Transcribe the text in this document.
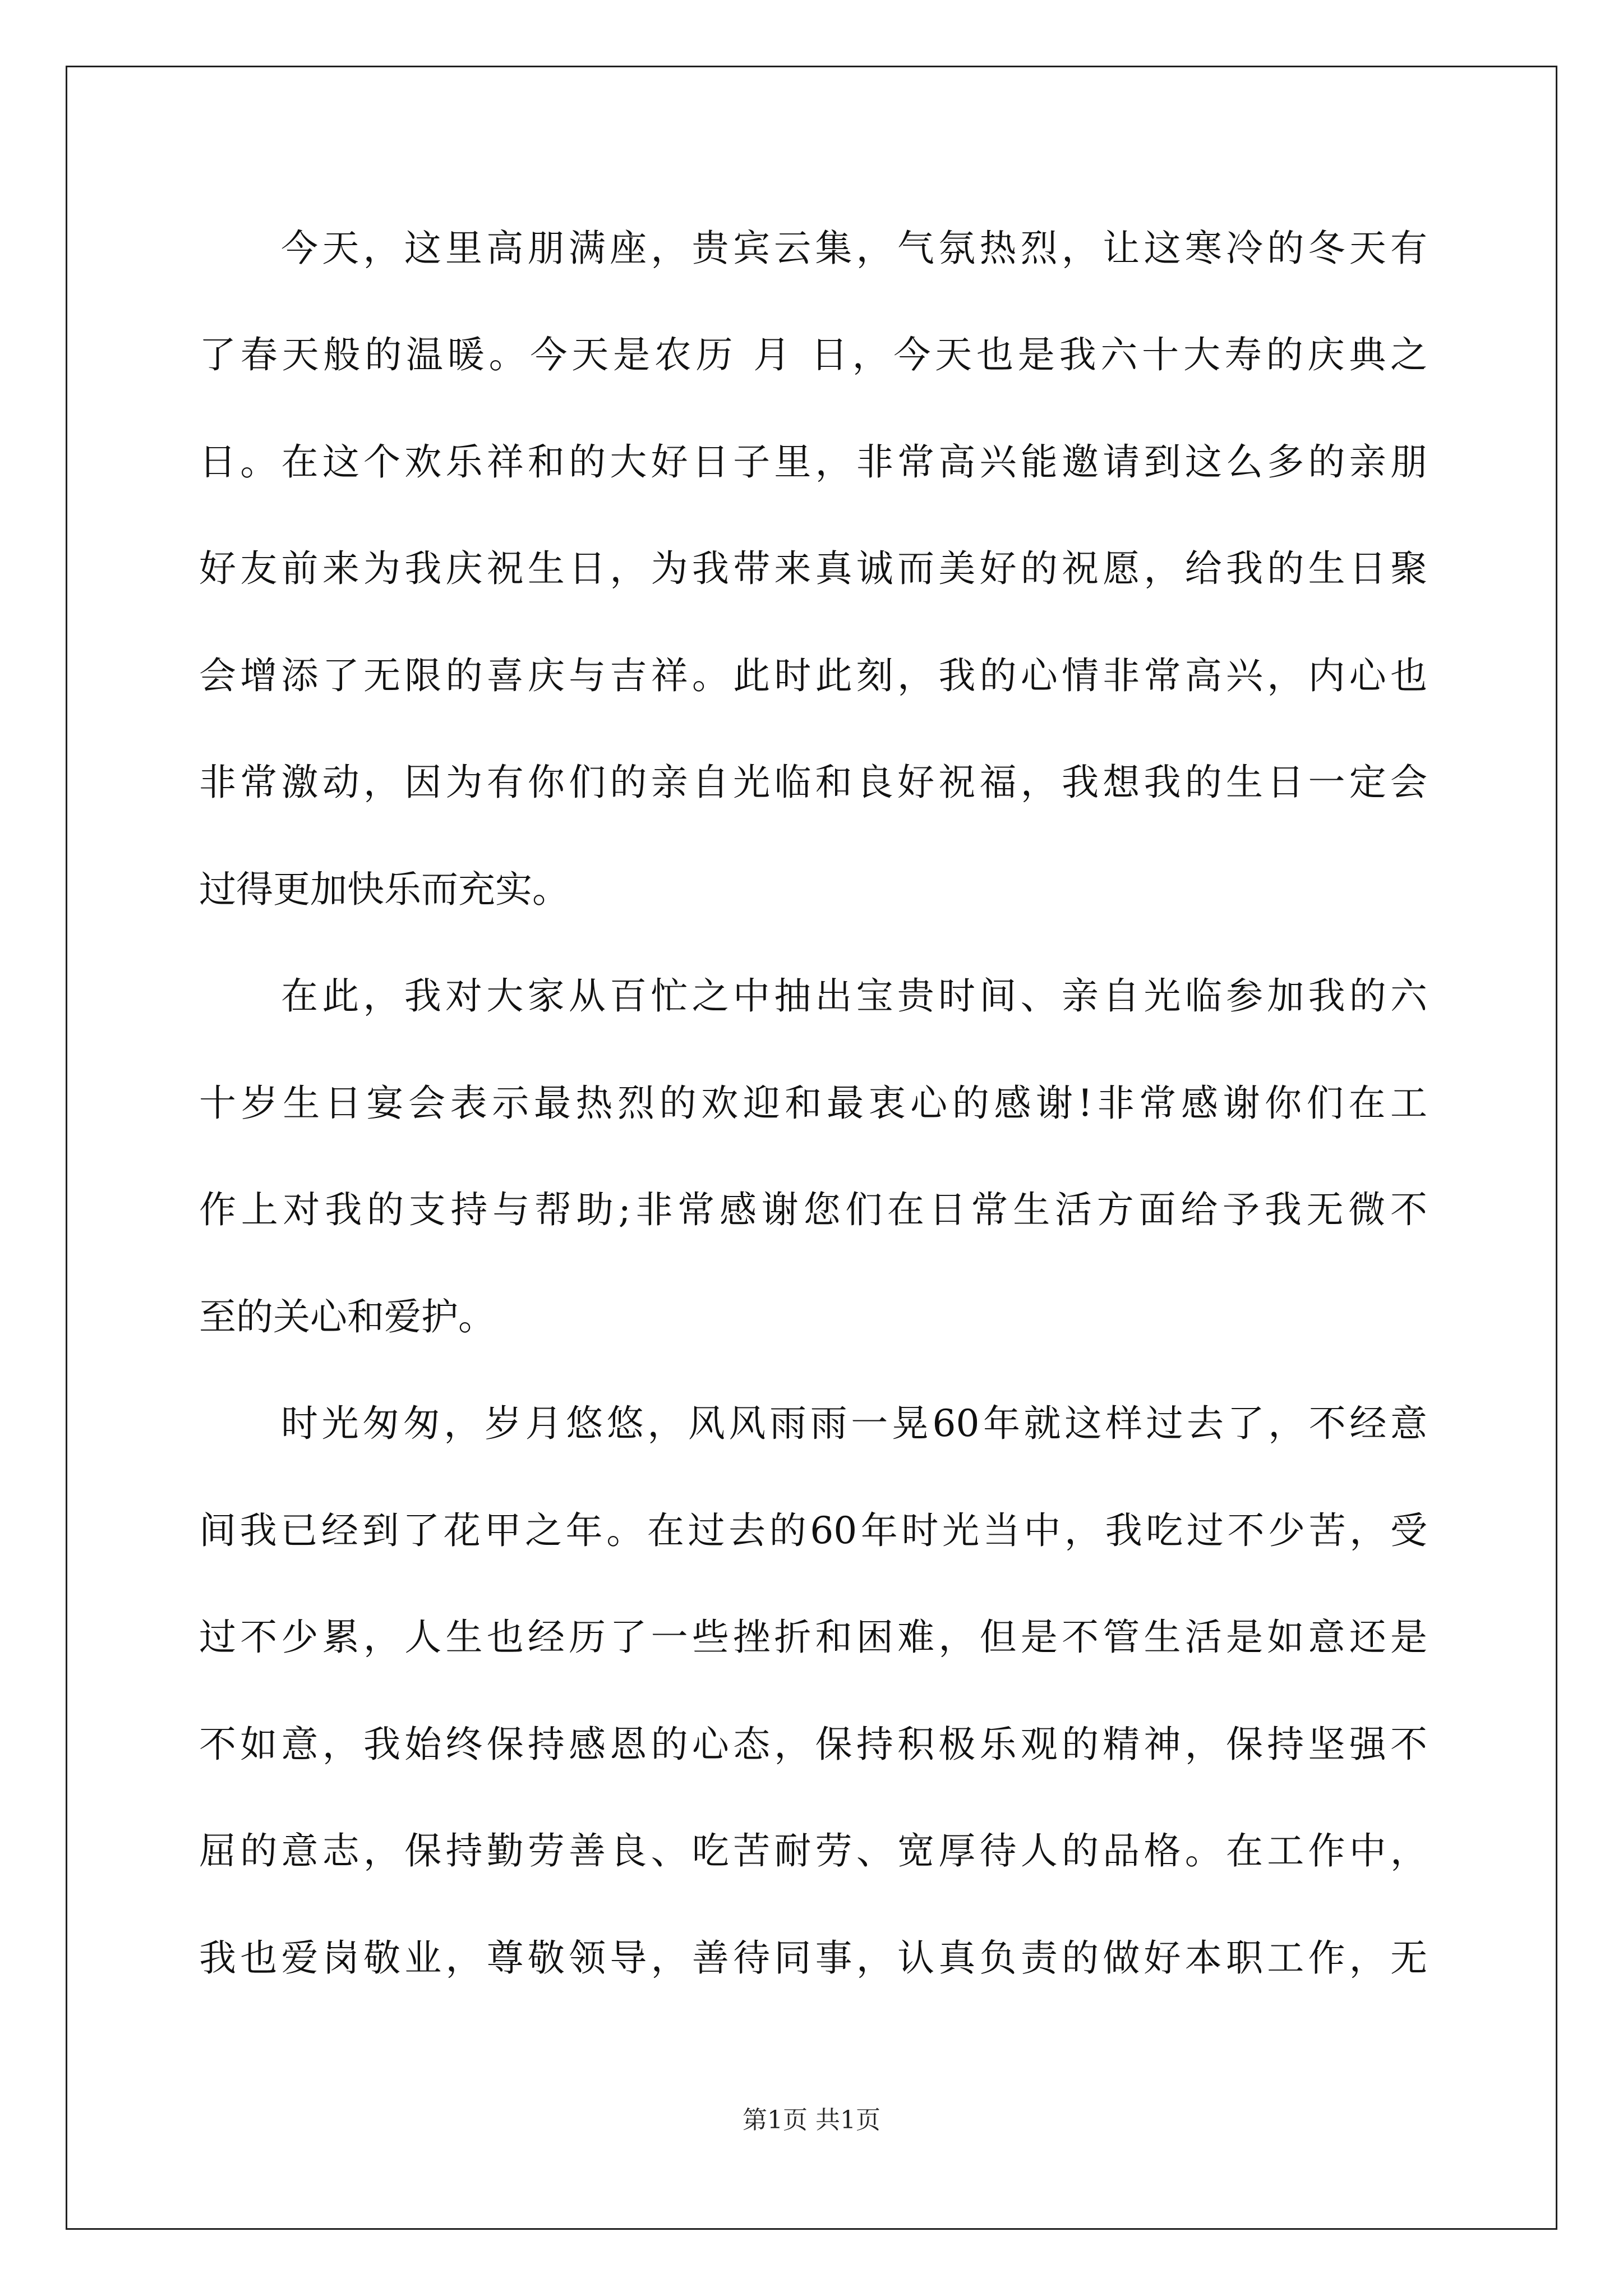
今天，这里高朋满座，贵宾云集，气氛热烈，让这寒冷的冬天有
了春天般的温暖。今天是农历 月 日，今天也是我六十大寿的庆典之
日。在这个欢乐祥和的大好日子里，非常高兴能邀请到这么多的亲朋
好友前来为我庆祝生日，为我带来真诚而美好的祝愿，给我的生日聚
会增添了无限的喜庆与吉祥。此时此刻，我的心情非常高兴，内心也
非常激动，因为有你们的亲自光临和良好祝福，我想我的生日一定会
过得更加快乐而充实。
在此，我对大家从百忙之中抽出宝贵时间、亲自光临参加我的六
十岁生日宴会表示最热烈的欢迎和最衷心的感谢!非常感谢你们在工
作上对我的支持与帮助;非常感谢您们在日常生活方面给予我无微不
至的关心和爱护。
时光匆匆，岁月悠悠，风风雨雨一晃60年就这样过去了，不经意
间我已经到了花甲之年。在过去的60年时光当中，我吃过不少苦，受
过不少累，人生也经历了一些挫折和困难，但是不管生活是如意还是
不如意，我始终保持感恩的心态，保持积极乐观的精神，保持坚强不
屈的意志，保持勤劳善良、吃苦耐劳、宽厚待人的品格。在工作中，
我也爱岗敬业，尊敬领导，善待同事，认真负责的做好本职工作，无
第1页 共1页
